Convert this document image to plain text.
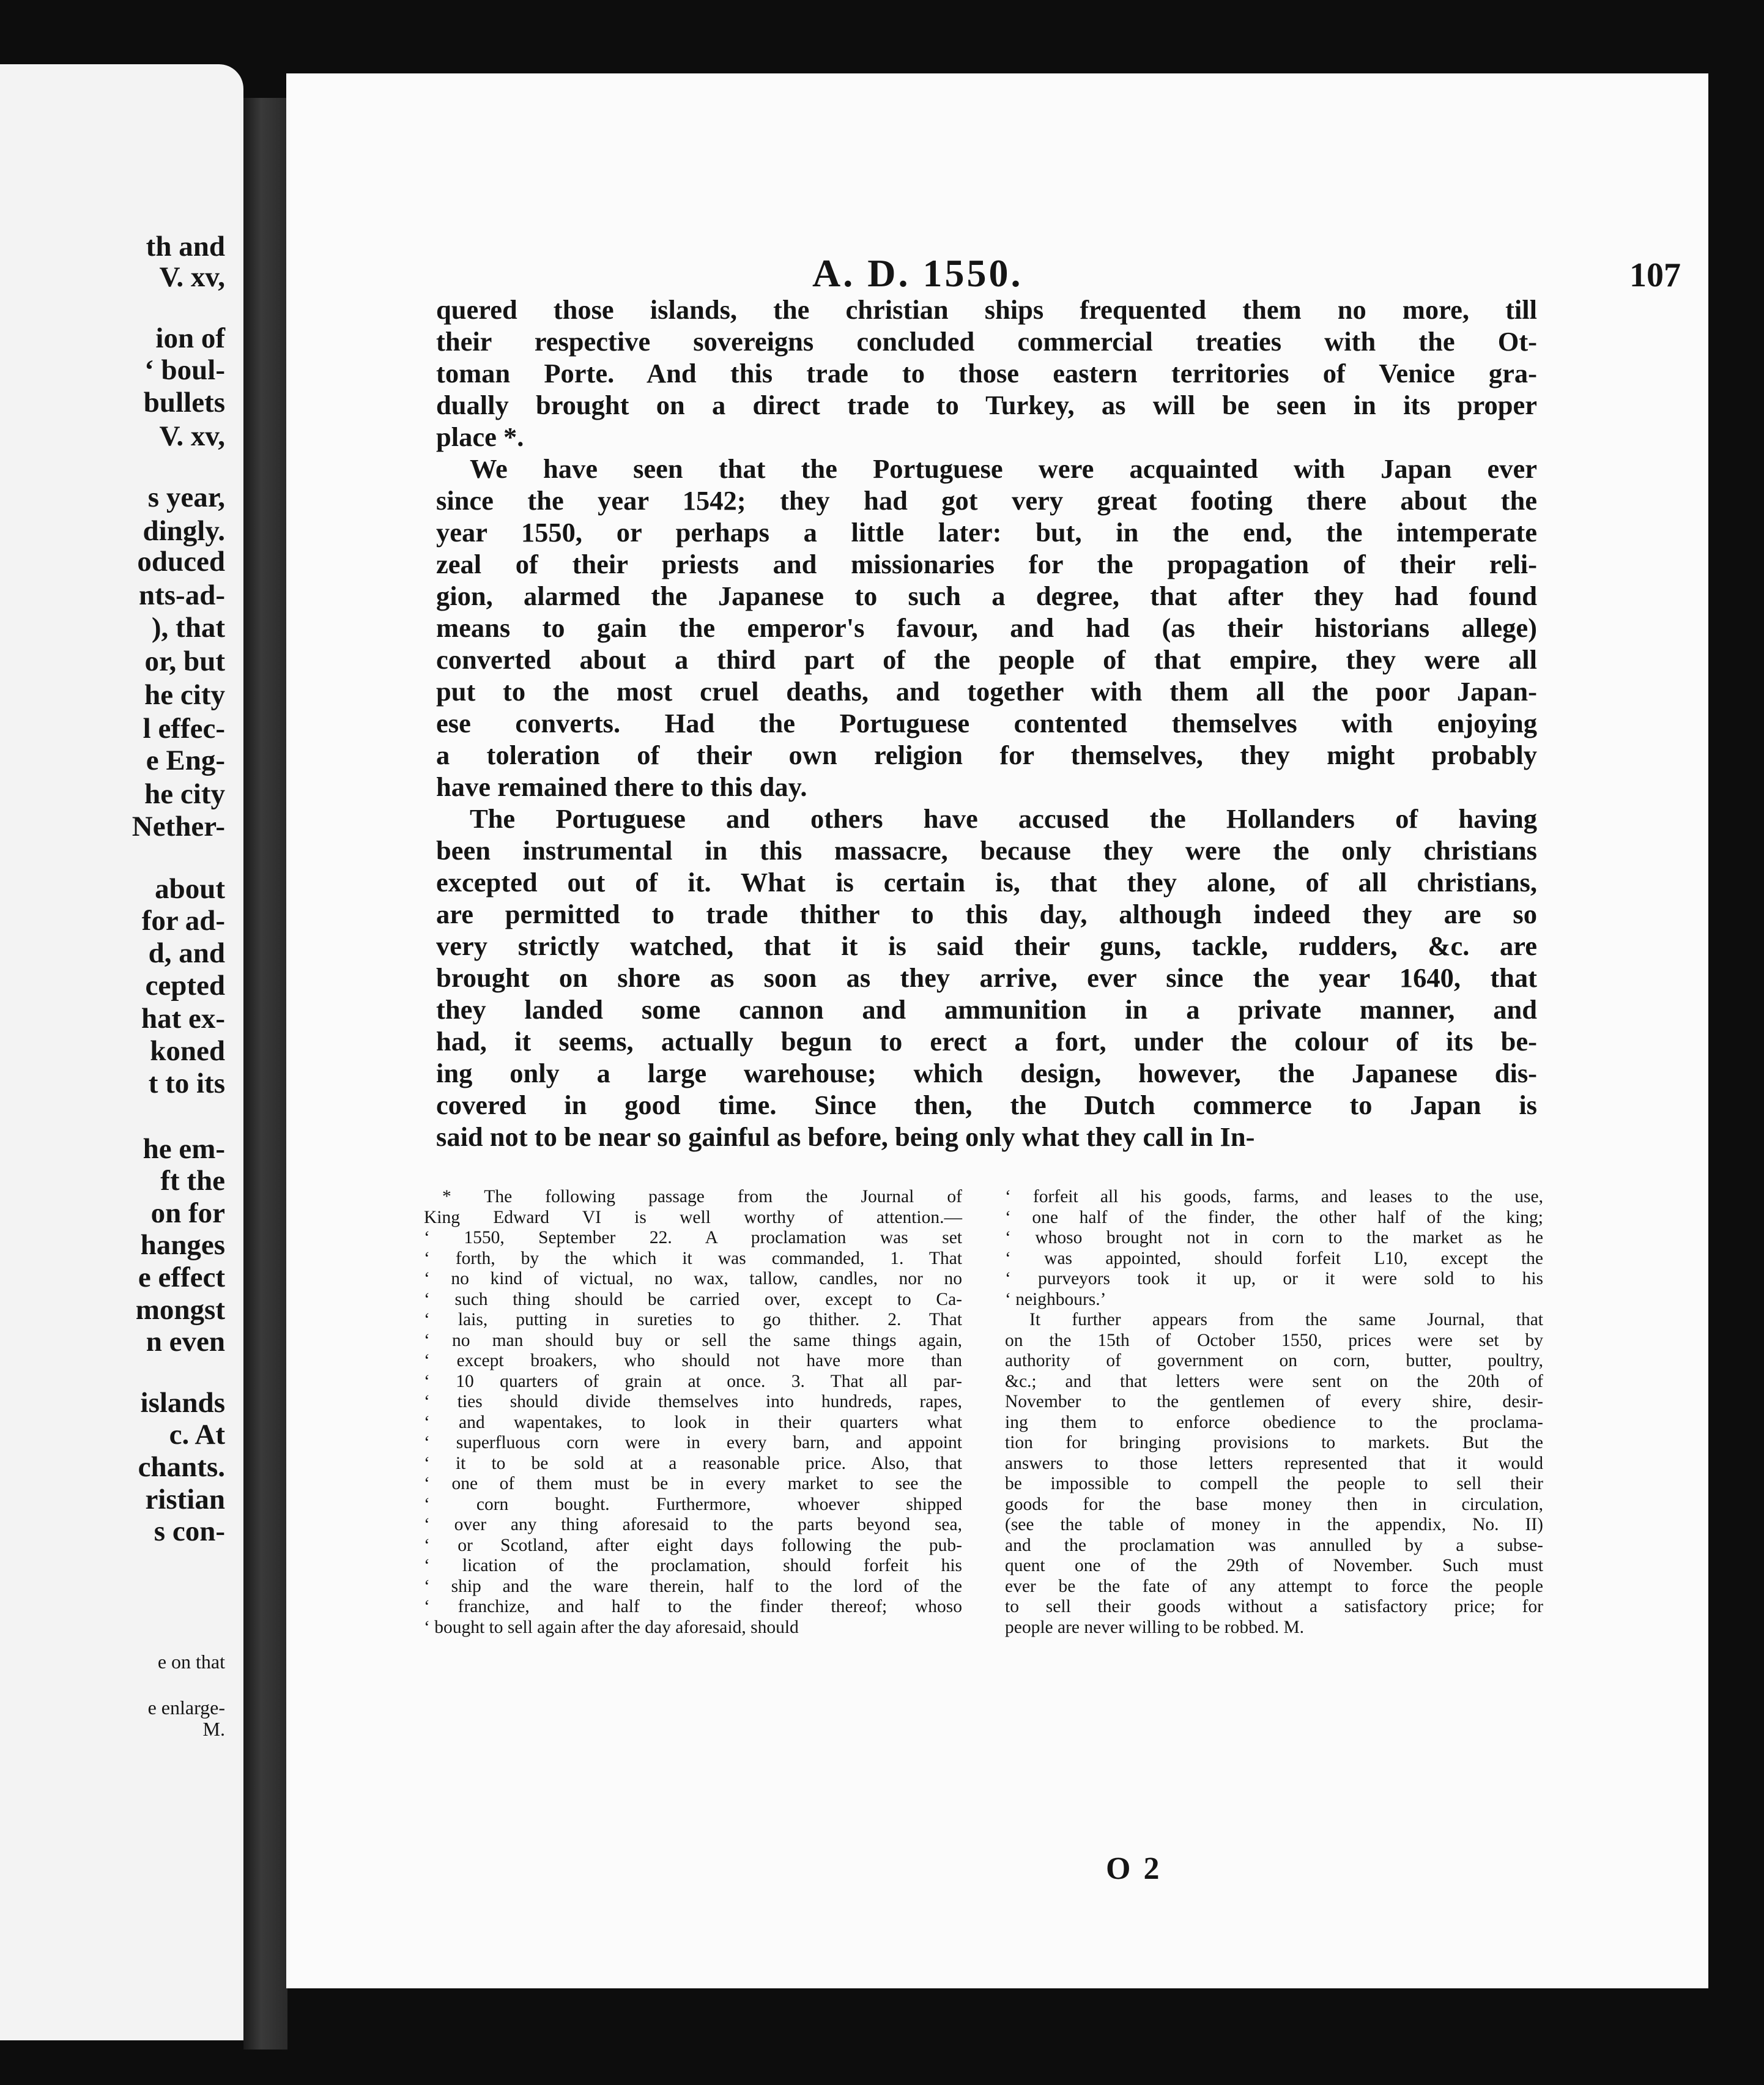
th and
V. xv,
ion of
‘ boul-
bullets
V. xv,
s year,
dingly.
oduced
nts-ad-
), that
or, but
he city
l effec-
e Eng-
he city
Nether-
about
for ad-
d, and
cepted
hat ex-
koned
t to its
he em-
ft the
on for
hanges
e effect
mongst
n even
islands
c. At
chants.
ristian
s con-
e on that
e enlarge-
M.
A. D. 1550.	107
quered those islands, the christian ships frequented them no more, till
their respective sovereigns concluded commercial treaties with the Ot-
toman Porte. And this trade to those eastern territories of Venice gra-
dually brought on a direct trade to Turkey, as will be seen in its proper
place *.
We have seen that the Portuguese were acquainted with Japan ever
since the year 1542; they had got very great footing there about the
year 1550, or perhaps a little later: but, in the end, the intemperate
zeal of their priests and missionaries for the propagation of their reli-
gion, alarmed the Japanese to such a degree, that after they had found
means to gain the emperor's favour, and had (as their historians allege)
converted about a third part of the people of that empire, they were all
put to the most cruel deaths, and together with them all the poor Japan-
ese converts. Had the Portuguese contented themselves with enjoying
a toleration of their own religion for themselves, they might probably
have remained there to this day.
The Portuguese and others have accused the Hollanders of having
been instrumental in this massacre, because they were the only christians
excepted out of it. What is certain is, that they alone, of all christians,
are permitted to trade thither to this day, although indeed they are so
very strictly watched, that it is said their guns, tackle, rudders, &c. are
brought on shore as soon as they arrive, ever since the year 1640, that
they landed some cannon and ammunition in a private manner, and
had, it seems, actually begun to erect a fort, under the colour of its be-
ing only a large warehouse; which design, however, the Japanese dis-
covered in good time. Since then, the Dutch commerce to Japan is
said not to be near so gainful as before, being only what they call in In-
* The following passage from the Journal of
King Edward VI is well worthy of attention.—
‘ 1550, September 22. A proclamation was set
‘ forth, by the which it was commanded, 1. That
‘ no kind of victual, no wax, tallow, candles, nor no
‘ such thing should be carried over, except to Ca-
‘ lais, putting in sureties to go thither. 2. That
‘ no man should buy or sell the same things again,
‘ except broakers, who should not have more than
‘ 10 quarters of grain at once. 3. That all par-
‘ ties should divide themselves into hundreds, rapes,
‘ and wapentakes, to look in their quarters what
‘ superfluous corn were in every barn, and appoint
‘ it to be sold at a reasonable price. Also, that
‘ one of them must be in every market to see the
‘ corn bought. Furthermore, whoever shipped
‘ over any thing aforesaid to the parts beyond sea,
‘ or Scotland, after eight days following the pub-
‘ lication of the proclamation, should forfeit his
‘ ship and the ware therein, half to the lord of the
‘ franchize, and half to the finder thereof; whoso
‘ bought to sell again after the day aforesaid, should
‘ forfeit all his goods, farms, and leases to the use,
‘ one half of the finder, the other half of the king;
‘ whoso brought not in corn to the market as he
‘ was appointed, should forfeit L10, except the
‘ purveyors took it up, or it were sold to his
‘ neighbours.’
It further appears from the same Journal, that
on the 15th of October 1550, prices were set by
authority of government on corn, butter, poultry,
&c.; and that letters were sent on the 20th of
November to the gentlemen of every shire, desir-
ing them to enforce obedience to the proclama-
tion for bringing provisions to markets. But the
answers to those letters represented that it would
be impossible to compell the people to sell their
goods for the base money then in circulation,
(see the table of money in the appendix, No. II)
and the proclamation was annulled by a subse-
quent one of the 29th of November. Such must
ever be the fate of any attempt to force the people
to sell their goods without a satisfactory price; for
people are never willing to be robbed. M.
O 2
